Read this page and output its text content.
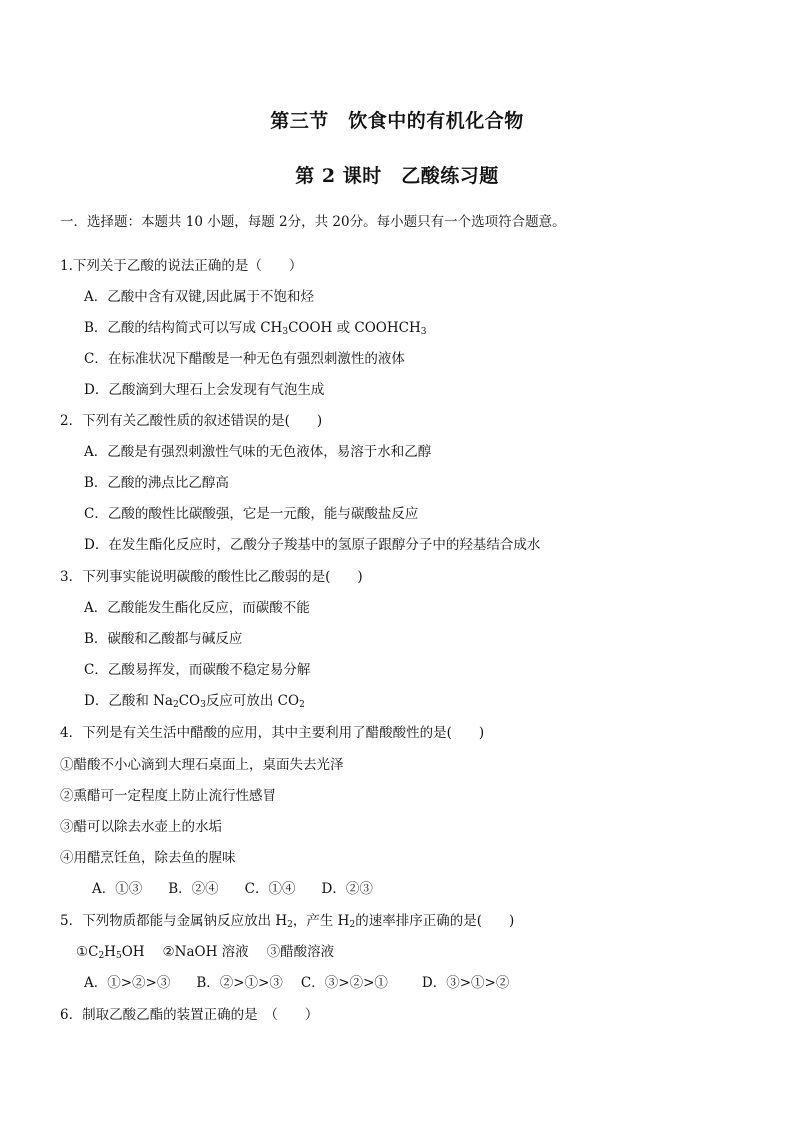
第三节　饮食中的有机化合物
第 2 课时　乙酸练习题
一．选择题：本题共 10 小题，每题 2分，共 20分。每小题只有一个选项符合题意。
1.下列关于乙酸的说法正确的是（　　）
A．乙酸中含有双键,因此属于不饱和烃
B．乙酸的结构简式可以写成 $CH_3COOH$ 或 $COOHCH_3$
C．在标准状况下醋酸是一种无色有强烈刺激性的液体
D．乙酸滴到大理石上会发现有气泡生成
2．下列有关乙酸性质的叙述错误的是(　　)
A．乙酸是有强烈刺激性气味的无色液体，易溶于水和乙醇
B．乙酸的沸点比乙醇高
C．乙酸的酸性比碳酸强，它是一元酸，能与碳酸盐反应
D．在发生酯化反应时，乙酸分子羧基中的氢原子跟醇分子中的羟基结合成水
3．下列事实能说明碳酸的酸性比乙酸弱的是(　　)
A．乙酸能发生酯化反应，而碳酸不能
B．碳酸和乙酸都与碱反应
C．乙酸易挥发，而碳酸不稳定易分解
D．乙酸和 $Na_2CO_3$反应可放出 $CO_2$
4．下列是有关生活中醋酸的应用，其中主要利用了醋酸酸性的是(　　)
①醋酸不小心滴到大理石桌面上，桌面失去光泽
②熏醋可一定程度上防止流行性感冒
③醋可以除去水壶上的水垢
④用醋烹饪鱼，除去鱼的腥味
A．①③ B．②④ C．①④ D．②③
5．下列物质都能与金属钠反应放出 $H_2$，产生 $H_2$的速率排序正确的是(　　)
$①C_2H_5OH$ ②NaOH 溶液 ③醋酸溶液
A．①>②>③ B．②>①>③ C．③>②>①	D．③>①>②
6．制取乙酸乙酯的装置正确的是　（　　）
